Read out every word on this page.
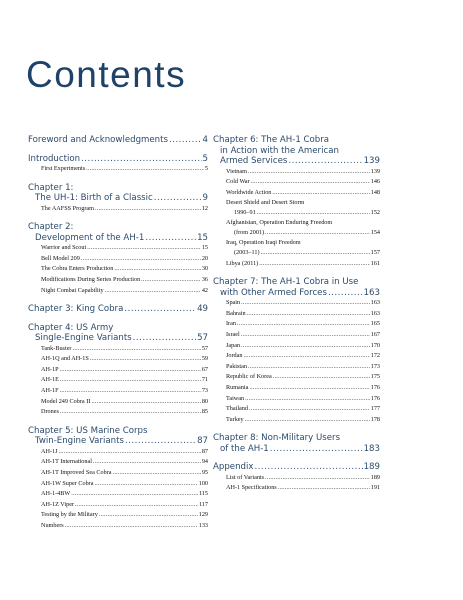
Contents
Foreword and Acknowledgments .....	4
Introduction .....	5
First Experiments .....	5
Chapter 1:
The UH-1: Birth of a Classic .....	9
The AAFSS Program .....	12
Chapter 2:
Development of the AH-1 .....	15
Warrior and Scout .....	15
Bell Model 209 .....	20
The Cobra Enters Production .....	30
Modifications During Series Production .....	36
Night Combat Capability .....	42
Chapter 3: King Cobra .....	49
Chapter 4: US Army
Single-Engine Variants .....	57
Tank-Buster .....	57
AH-1Q and AH-1S .....	59
AH-1P .....	67
AH-1E .....	71
AH-1F .....	73
Model 249 Cobra II .....	80
Drones .....	85
Chapter 5: US Marine Corps
Twin-Engine Variants .....	87
AH-1J .....	87
AH-1T International .....	94
AH-1T Improved Sea Cobra .....	95
AH-1W Super Cobra .....	100
AH-1-4BW .....	115
AH-1Z Viper .....	117
Testing by the Military .....	129
Numbers .....	133
Chapter 6: The AH-1 Cobra
in Action with the American
Armed Services .....	139
Vietnam .....	139
Cold War .....	146
Worldwide Action .....	148
Desert Shield and Desert Storm
1990–91 .....	152
Afghanistan, Operation Enduring Freedom
(from 2001) .....	154
Iraq, Operation Iraqi Freedom
(2003–11) .....	157
Libya (2011) .....	161
Chapter 7: The AH-1 Cobra in Use
with Other Armed Forces .....	163
Spain .....	163
Bahrain .....	163
Iran .....	165
Israel .....	167
Japan .....	170
Jordan .....	172
Pakistan .....	173
Republic of Korea .....	175
Rumania .....	176
Taiwan .....	176
Thailand .....	177
Turkey .....	178
Chapter 8: Non-Military Users
of the AH-1 .....	183
Appendix .....	189
List of Variants .....	189
AH-1 Specifications .....	191
